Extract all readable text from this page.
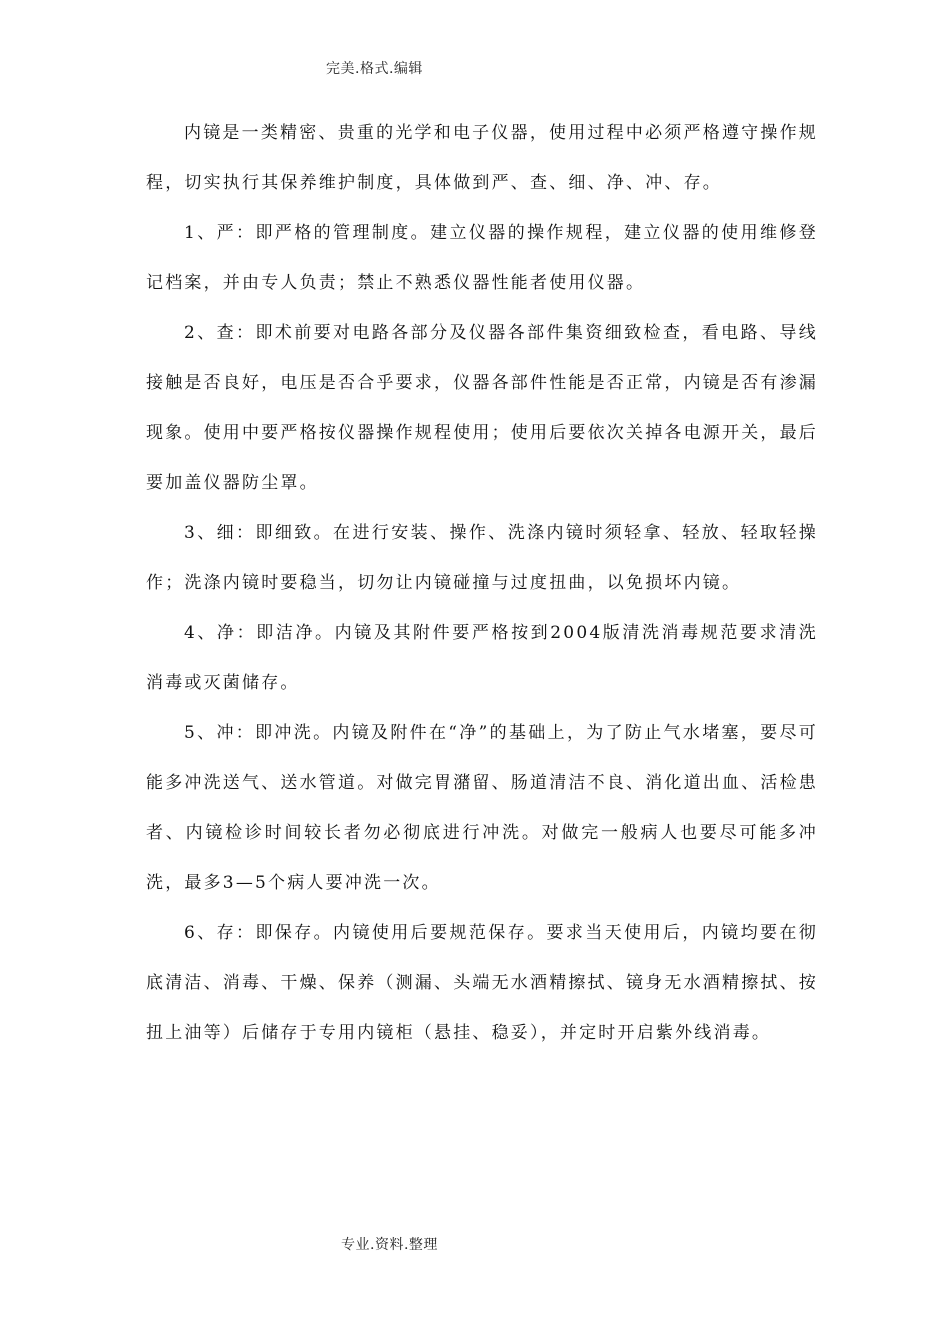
完美.格式.编辑

内镜是一类精密、贵重的光学和电子仪器，使用过程中必须严格遵守操作规程，切实执行其保养维护制度，具体做到严、查、细、净、冲、存。

1、严：即严格的管理制度。建立仪器的操作规程，建立仪器的使用维修登记档案，并由专人负责；禁止不熟悉仪器性能者使用仪器。

2、查：即术前要对电路各部分及仪器各部件集资细致检查，看电路、导线接触是否良好，电压是否合乎要求，仪器各部件性能是否正常，内镜是否有渗漏现象。使用中要严格按仪器操作规程使用；使用后要依次关掉各电源开关，最后要加盖仪器防尘罩。

3、细：即细致。在进行安装、操作、洗涤内镜时须轻拿、轻放、轻取轻操作；洗涤内镜时要稳当，切勿让内镜碰撞与过度扭曲，以免损坏内镜。

4、净：即洁净。内镜及其附件要严格按到2004版清洗消毒规范要求清洗消毒或灭菌储存。

5、冲：即冲洗。内镜及附件在“净”的基础上，为了防止气水堵塞，要尽可能多冲洗送气、送水管道。对做完胃潴留、肠道清洁不良、消化道出血、活检患者、内镜检诊时间较长者勿必彻底进行冲洗。对做完一般病人也要尽可能多冲洗，最多3—5个病人要冲洗一次。

6、存：即保存。内镜使用后要规范保存。要求当天使用后，内镜均要在彻底清洁、消毒、干燥、保养（测漏、头端无水酒精擦拭、镜身无水酒精擦拭、按扭上油等）后储存于专用内镜柜（悬挂、稳妥），并定时开启紫外线消毒。

专业.资料.整理
